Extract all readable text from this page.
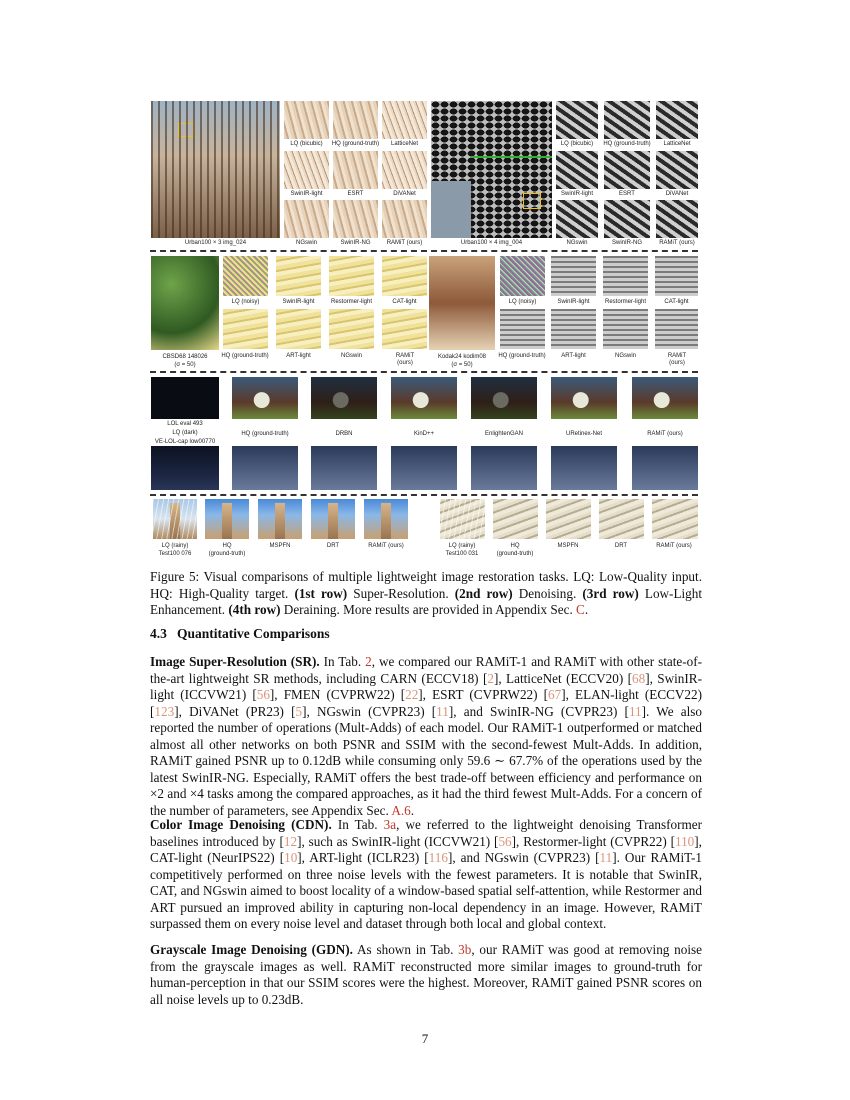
Urban100 × 3 img_024
LQ (bicubic)	HQ (ground-truth)	LatticeNet
SwinIR-light	ESRT	DiVANet
NGswin	SwinIR-NG	RAMiT (ours)	Urban100 × 4 img_004
LQ (bicubic)	HQ (ground-truth)	LatticeNet
SwinIR-light	ESRT	DiVANet
NGswin	SwinIR-NG	RAMiT (ours)
CBSD68 148026
(σ = 50)
LQ (noisy)	SwinIR-light	Restormer-light	CAT-light
HQ (ground-truth)	ART-light	NGswin	RAMiT (ours)
Kodak24 kodim08
(σ = 50)
LQ (noisy)	SwinIR-light	Restormer-light	CAT-light
HQ (ground-truth)	ART-light	NGswin	RAMiT (ours)
LOL eval 493
LQ (dark)
VE-LOL-cap low00770
HQ (ground-truth)	DRBN	KinD++	EnlightenGAN	URetinex-Net	RAMiT (ours)
LQ (rainy)	HQ	MSPFN	DRT	RAMiT (ours)
Test100 076	(ground-truth)
LQ (rainy)	HQ	MSPFN	DRT	RAMiT (ours)
Test100 031	(ground-truth)
Figure 5: Visual comparisons of multiple lightweight image restoration tasks. LQ: Low-Quality input. HQ: High-Quality target. (1st row) Super-Resolution. (2nd row) Denoising. (3rd row) Low-Light Enhancement. (4th row) Deraining. More results are provided in Appendix Sec. C.
4.3 Quantitative Comparisons
Image Super-Resolution (SR). In Tab. 2, we compared our RAMiT-1 and RAMiT with other state-of-the-art lightweight SR methods, including CARN (ECCV18) [2], LatticeNet (ECCV20) [68], SwinIR-light (ICCVW21) [56], FMEN (CVPRW22) [22], ESRT (CVPRW22) [67], ELAN-light (ECCV22) [123], DiVANet (PR23) [5], NGswin (CVPR23) [11], and SwinIR-NG (CVPR23) [11]. We also reported the number of operations (Mult-Adds) of each model. Our RAMiT-1 outperformed or matched almost all other networks on both PSNR and SSIM with the second-fewest Mult-Adds. In addition, RAMiT gained PSNR up to 0.12dB while consuming only 59.6 ∼ 67.7% of the operations used by the latest SwinIR-NG. Especially, RAMiT offers the best trade-off between efficiency and performance on ×2 and ×4 tasks among the compared approaches, as it had the third fewest Mult-Adds. For a concern of the number of parameters, see Appendix Sec. A.6.
Color Image Denoising (CDN). In Tab. 3a, we referred to the lightweight denoising Transformer baselines introduced by [12], such as SwinIR-light (ICCVW21) [56], Restormer-light (CVPR22) [110], CAT-light (NeurIPS22) [10], ART-light (ICLR23) [116], and NGswin (CVPR23) [11]. Our RAMiT-1 competitively performed on three noise levels with the fewest parameters. It is notable that SwinIR, CAT, and NGswin aimed to boost locality of a window-based spatial self-attention, while Restormer and ART pursued an improved ability in capturing non-local dependency in an image. However, RAMiT surpassed them on every noise level and dataset through both local and global context.
Grayscale Image Denoising (GDN). As shown in Tab. 3b, our RAMiT was good at removing noise from the grayscale images as well. RAMiT reconstructed more similar images to ground-truth for human-perception in that our SSIM scores were the highest. Moreover, RAMiT gained PSNR scores on all noise levels up to 0.23dB.
7
